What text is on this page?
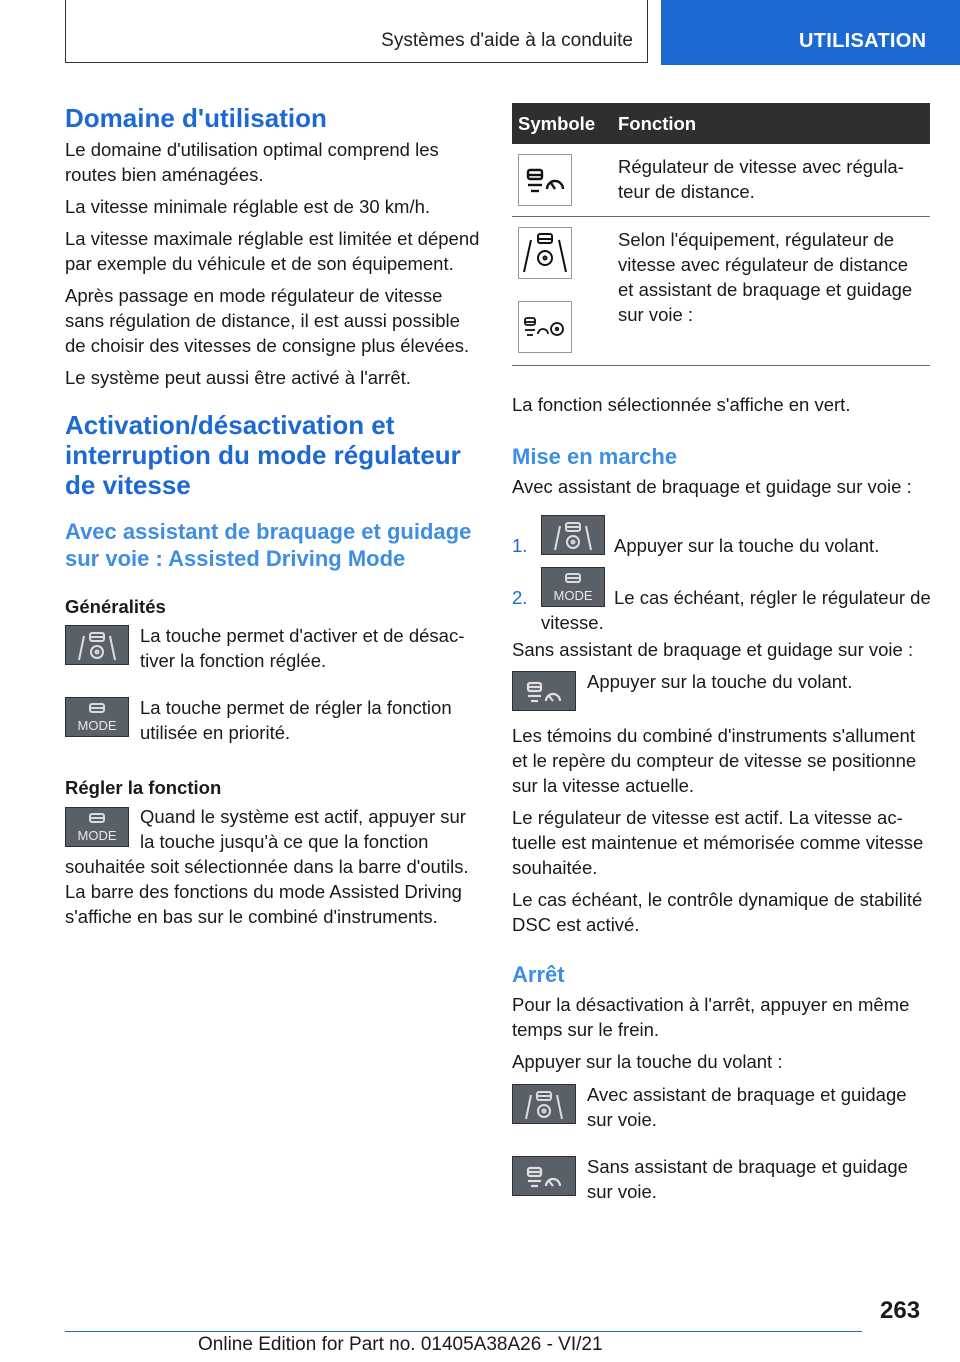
Systèmes d'aide à la conduite	UTILISATION
Domaine d'utilisation

Le domaine d'utilisation optimal comprend les routes bien aménagées.

La vitesse minimale réglable est de 30 km/h.

La vitesse maximale réglable est limitée et dépend par exemple du véhicule et de son équipement.

Après passage en mode régulateur de vitesse sans régulation de distance, il est aussi possible de choisir des vitesses de consigne plus élevées.

Le système peut aussi être activé à l'arrêt.

Activation/désactivation et interruption du mode régulateur de vitesse
Avec assistant de braquage et guidage sur voie : Assisted Driving Mode
Généralités
La touche permet d'activer et de désactiver la fonction réglée.
MODE
La touche permet de régler la fonction utilisée en priorité.
Régler la fonction
MODE
Quand le système est actif, appuyer sur la touche jusqu'à ce que la fonction souhaitée soit sélectionnée dans la barre d'outils. La barre des fonctions du mode Assisted Driving s'affiche en bas sur le combiné d'instruments.
Symbole	Fonction

	Régulateur de vitesse avec régulateur de distance.

	Selon l'équipement, régulateur de vitesse avec régulateur de distance et assistant de braquage et guidage sur voie :

La fonction sélectionnée s'affiche en vert.

Mise en marche

Avec assistant de braquage et guidage sur voie :

1.	Appuyer sur la touche du volant.
2.	MODE	Le cas échéant, régler le régulateur de vitesse.

Sans assistant de braquage et guidage sur voie :

Appuyer sur la touche du volant.

Les témoins du combiné d'instruments s'allument et le repère du compteur de vitesse se positionne sur la vitesse actuelle.

Le régulateur de vitesse est actif. La vitesse actuelle est maintenue et mémorisée comme vitesse souhaitée.

Le cas échéant, le contrôle dynamique de stabilité DSC est activé.

Arrêt

Pour la désactivation à l'arrêt, appuyer en même temps sur le frein.

Appuyer sur la touche du volant :

Avec assistant de braquage et guidage sur voie.
Sans assistant de braquage et guidage sur voie.
263
Online Edition for Part no. 01405A38A26 - VI/21
